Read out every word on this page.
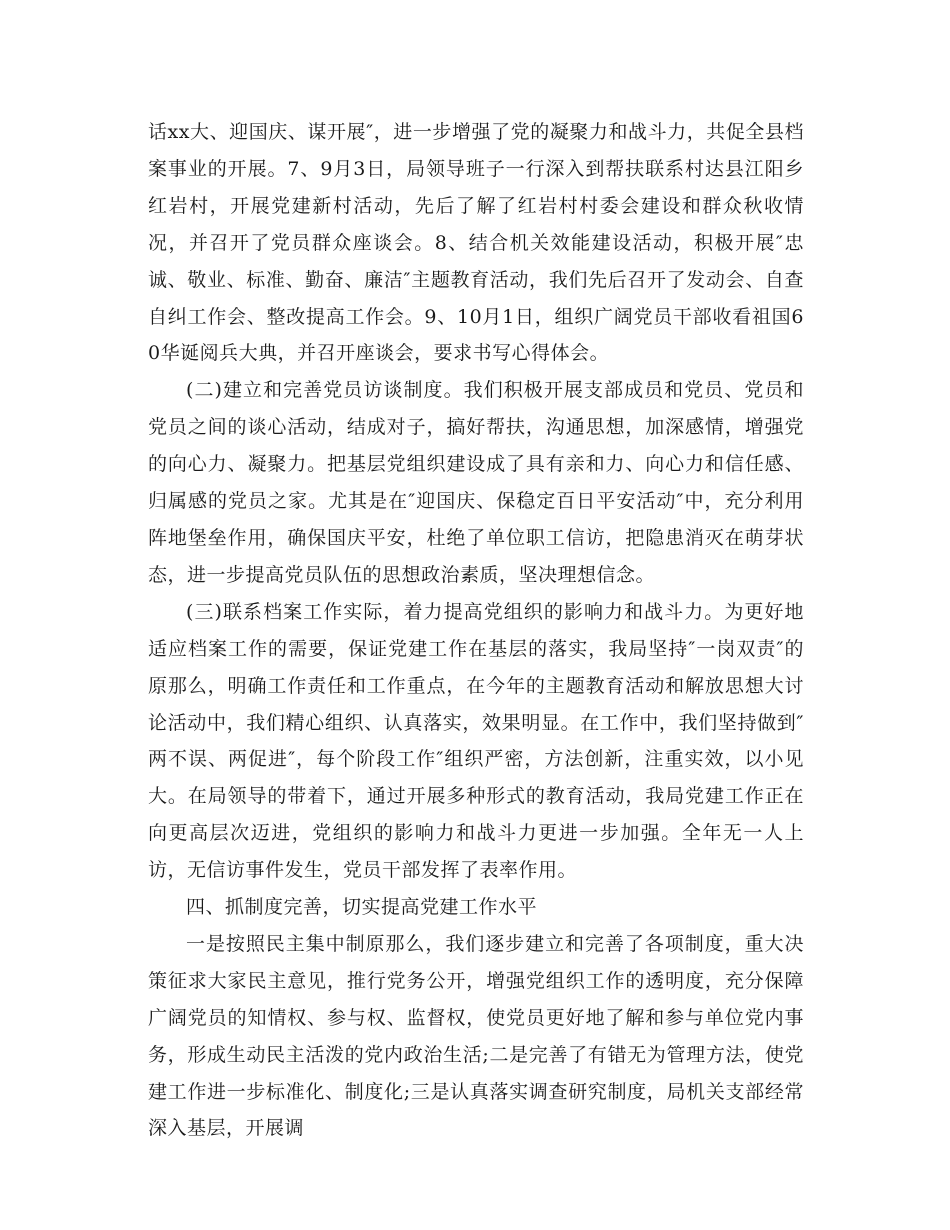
话xx大、迎国庆、谋开展″，进一步增强了党的凝聚力和战斗力，共促全县档案事业的开展。7、9月3日，局领导班子一行深入到帮扶联系村达县江阳乡红岩村，开展党建新村活动，先后了解了红岩村村委会建设和群众秋收情况，并召开了党员群众座谈会。8、结合机关效能建设活动，积极开展″忠诚、敬业、标准、勤奋、廉洁″主题教育活动，我们先后召开了发动会、自查自纠工作会、整改提高工作会。9、10月1日，组织广阔党员干部收看祖国60华诞阅兵大典，并召开座谈会，要求书写心得体会。

(二)建立和完善党员访谈制度。我们积极开展支部成员和党员、党员和党员之间的谈心活动，结成对子，搞好帮扶，沟通思想，加深感情，增强党的向心力、凝聚力。把基层党组织建设成了具有亲和力、向心力和信任感、归属感的党员之家。尤其是在″迎国庆、保稳定百日平安活动″中，充分利用阵地堡垒作用，确保国庆平安，杜绝了单位职工信访，把隐患消灭在萌芽状态，进一步提高党员队伍的思想政治素质，坚决理想信念。

(三)联系档案工作实际，着力提高党组织的影响力和战斗力。为更好地适应档案工作的需要，保证党建工作在基层的落实，我局坚持″一岗双责″的原那么，明确工作责任和工作重点，在今年的主题教育活动和解放思想大讨论活动中，我们精心组织、认真落实，效果明显。在工作中，我们坚持做到″两不误、两促进″，每个阶段工作″组织严密，方法创新，注重实效，以小见大。在局领导的带着下，通过开展多种形式的教育活动，我局党建工作正在向更高层次迈进，党组织的影响力和战斗力更进一步加强。全年无一人上访，无信访事件发生，党员干部发挥了表率作用。

四、抓制度完善，切实提高党建工作水平

一是按照民主集中制原那么，我们逐步建立和完善了各项制度，重大决策征求大家民主意见，推行党务公开，增强党组织工作的透明度，充分保障广阔党员的知情权、参与权、监督权，使党员更好地了解和参与单位党内事务，形成生动民主活泼的党内政治生活;二是完善了有错无为管理方法，使党建工作进一步标准化、制度化;三是认真落实调查研究制度，局机关支部经常深入基层，开展调
